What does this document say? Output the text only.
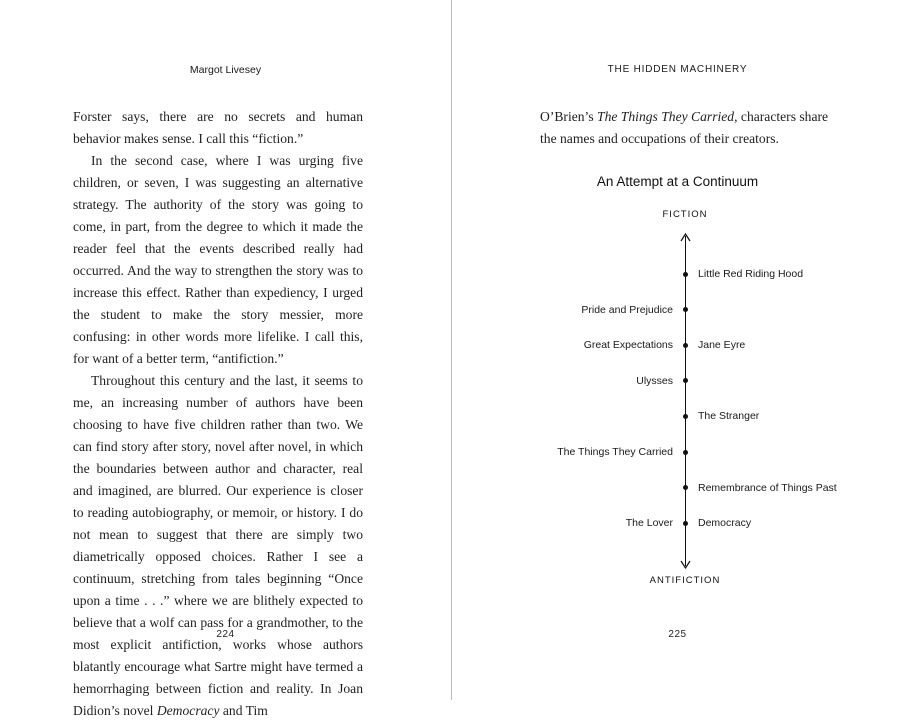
Margot Livesey

Forster says, there are no secrets and human behavior makes sense. I call this “fiction.”

In the second case, where I was urging five children, or seven, I was suggesting an alternative strategy. The authority of the story was going to come, in part, from the degree to which it made the reader feel that the events described really had occurred. And the way to strengthen the story was to increase this effect. Rather than expediency, I urged the student to make the story messier, more confusing: in other words more lifelike. I call this, for want of a better term, “antifiction.”

Throughout this century and the last, it seems to me, an increasing number of authors have been choosing to have five children rather than two. We can find story after story, novel after novel, in which the boundaries between author and character, real and imagined, are blurred. Our experience is closer to reading autobiography, or memoir, or history. I do not mean to suggest that there are simply two diametrically opposed choices. Rather I see a continuum, stretching from tales beginning “Once upon a time . . .” where we are blithely expected to believe that a wolf can pass for a grandmother, to the most explicit antifiction, works whose authors blatantly encourage what Sartre might have termed a hemorrhaging between fiction and reality. In Joan Didion’s novel Democracy and Tim

224
THE HIDDEN MACHINERY
225
O’Brien’s The Things They Carried, characters share the names and occupations of their creators.
An Attempt at a Continuum
FICTION
ANTIFICTION
Pride and Prejudice
Great Expectations
Ulysses
The Things They Carried
The Lover
Little Red Riding Hood
Jane Eyre
The Stranger
Remembrance of Things Past
Democracy
